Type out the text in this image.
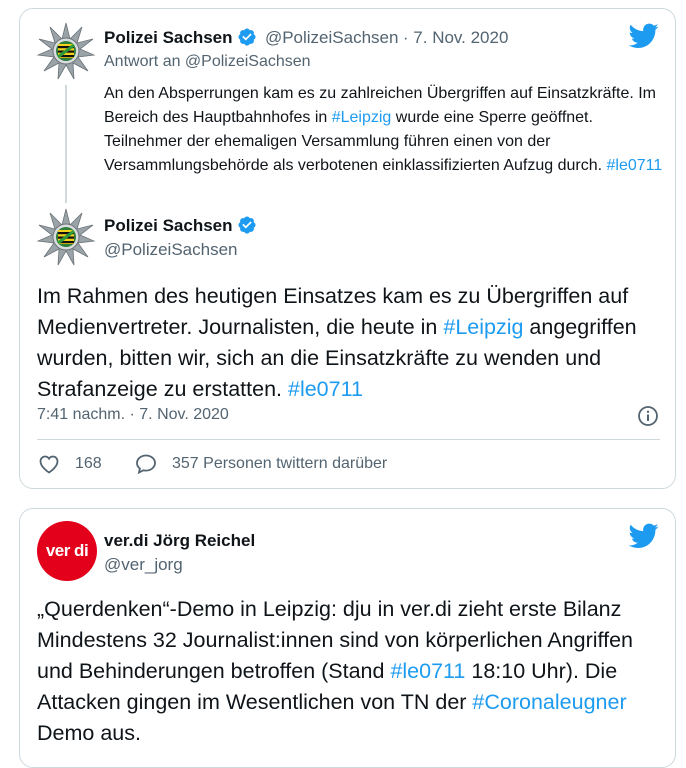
Polizei Sachsen @PolizeiSachsen · 7. Nov. 2020
Antwort an @PolizeiSachsen
An den Absperrungen kam es zu zahlreichen Übergriffen auf Einsatzkräfte. Im Bereich des Hauptbahnhofes in #Leipzig wurde eine Sperre geöffnet. Teilnehmer der ehemaligen Versammlung führen einen von der Versammlungsbehörde als verbotenen einklassifizierten Aufzug durch. #le0711
Polizei Sachsen
@PolizeiSachsen
Im Rahmen des heutigen Einsatzes kam es zu Übergriffen auf Medienvertreter. Journalisten, die heute in #Leipzig angegriffen wurden, bitten wir, sich an die Einsatzkräfte zu wenden und Strafanzeige zu erstatten. #le0711
7:41 nachm. · 7. Nov. 2020
168	357 Personen twittern darüber
ver di
ver.di Jörg Reichel
@ver_jorg
„Querdenken“-Demo in Leipzig: dju in ver.di zieht erste Bilanz Mindestens 32 Journalist:innen sind von körperlichen Angriffen und Behinderungen betroffen (Stand #le0711 18:10 Uhr). Die Attacken gingen im Wesentlichen von TN der #Coronaleugner Demo aus.
